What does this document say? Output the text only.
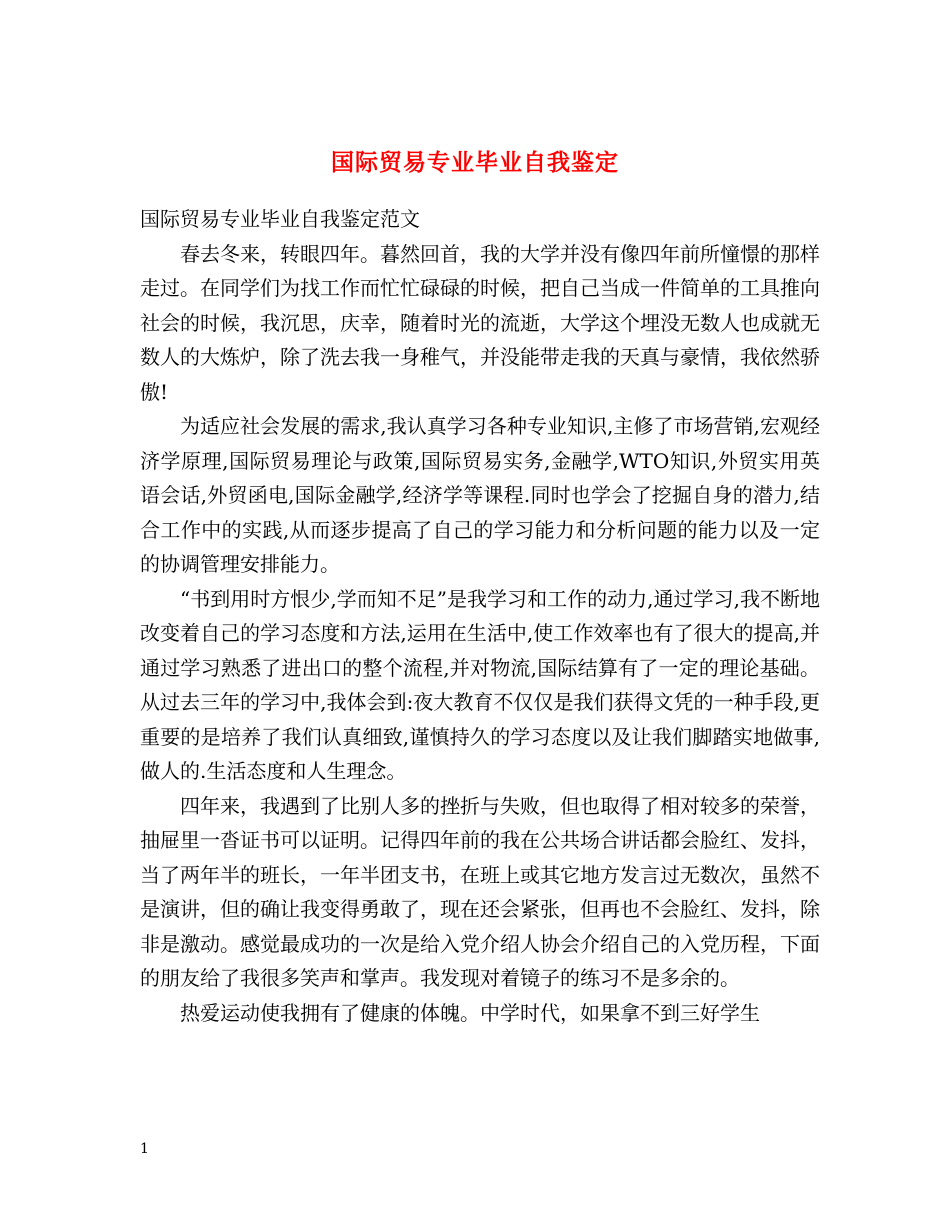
国际贸易专业毕业自我鉴定

国际贸易专业毕业自我鉴定范文

春去冬来，转眼四年。暮然回首，我的大学并没有像四年前所憧憬的那样走过。在同学们为找工作而忙忙碌碌的时候，把自己当成一件简单的工具推向社会的时候，我沉思，庆幸，随着时光的流逝，大学这个埋没无数人也成就无数人的大炼炉，除了洗去我一身稚气，并没能带走我的天真与豪情，我依然骄傲!

为适应社会发展的需求,我认真学习各种专业知识,主修了市场营销,宏观经济学原理,国际贸易理论与政策,国际贸易实务,金融学,WTO知识,外贸实用英语会话,外贸函电,国际金融学,经济学等课程.同时也学会了挖掘自身的潜力,结合工作中的实践,从而逐步提高了自己的学习能力和分析问题的能力以及一定的协调管理安排能力。

“书到用时方恨少,学而知不足”是我学习和工作的动力,通过学习,我不断地改变着自己的学习态度和方法,运用在生活中,使工作效率也有了很大的提高,并通过学习熟悉了进出口的整个流程,并对物流,国际结算有了一定的理论基础。从过去三年的学习中,我体会到:夜大教育不仅仅是我们获得文凭的一种手段,更重要的是培养了我们认真细致,谨慎持久的学习态度以及让我们脚踏实地做事,做人的.生活态度和人生理念。

四年来，我遇到了比别人多的挫折与失败，但也取得了相对较多的荣誉，抽屉里一沓证书可以证明。记得四年前的我在公共场合讲话都会脸红、发抖，当了两年半的班长，一年半团支书，在班上或其它地方发言过无数次，虽然不是演讲，但的确让我变得勇敢了，现在还会紧张，但再也不会脸红、发抖，除非是激动。感觉最成功的一次是给入党介绍人协会介绍自己的入党历程，下面的朋友给了我很多笑声和掌声。我发现对着镜子的练习不是多余的。

热爱运动使我拥有了健康的体魄。中学时代，如果拿不到三好学生

1
